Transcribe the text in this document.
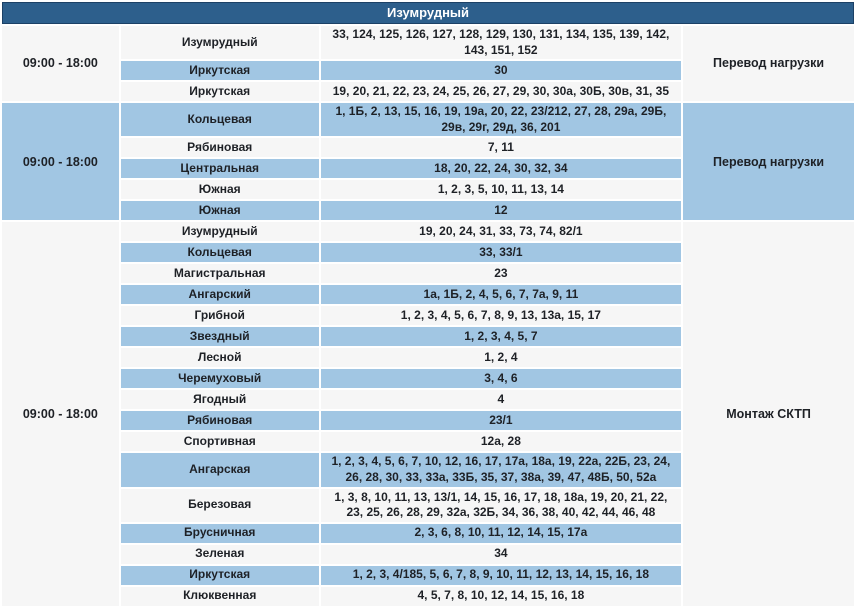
Изумрудный			
09:00 - 18:00	Изумрудный	33, 124, 125, 126, 127, 128, 129, 130, 131, 134, 135, 139, 142, 143, 151, 152	Перевод нагрузки
	Иркутская	30	
	Иркутская	19, 20, 21, 22, 23, 24, 25, 26, 27, 29, 30, 30а, 30Б, 30в, 31, 35	
09:00 - 18:00	Кольцевая	1, 1Б, 2, 13, 15, 16, 19, 19а, 20, 22, 23/212, 27, 28, 29а, 29Б, 29в, 29г, 29д, 36, 201	Перевод нагрузки
	Рябиновая	7, 11	
	Центральная	18, 20, 22, 24, 30, 32, 34	
	Южная	1, 2, 3, 5, 10, 11, 13, 14	
	Южная	12	
09:00 - 18:00	Изумрудный	19, 20, 24, 31, 33, 73, 74, 82/1	Монтаж СКТП
	Кольцевая	33, 33/1	
	Магистральная	23	
	Ангарский	1а, 1Б, 2, 4, 5, 6, 7, 7а, 9, 11	
	Грибной	1, 2, 3, 4, 5, 6, 7, 8, 9, 13, 13а, 15, 17	
	Звездный	1, 2, 3, 4, 5, 7	
	Лесной	1, 2, 4	
	Черемуховый	3, 4, 6	
	Ягодный	4	
	Рябиновая	23/1	
	Спортивная	12а, 28	
	Ангарская	1, 2, 3, 4, 5, 6, 7, 10, 12, 16, 17, 17а, 18а, 19, 22а, 22Б, 23, 24, 26, 28, 30, 33, 33а, 33Б, 35, 37, 38а, 39, 47, 48Б, 50, 52а	
	Березовая	1, 3, 8, 10, 11, 13, 13/1, 14, 15, 16, 17, 18, 18а, 19, 20, 21, 22, 23, 25, 26, 28, 29, 32а, 32Б, 34, 36, 38, 40, 42, 44, 46, 48	
	Брусничная	2, 3, 6, 8, 10, 11, 12, 14, 15, 17а	
	Зеленая	34	
	Иркутская	1, 2, 3, 4/185, 5, 6, 7, 8, 9, 10, 11, 12, 13, 14, 15, 16, 18	
	Клюквенная	4, 5, 7, 8, 10, 12, 14, 15, 16, 18	
